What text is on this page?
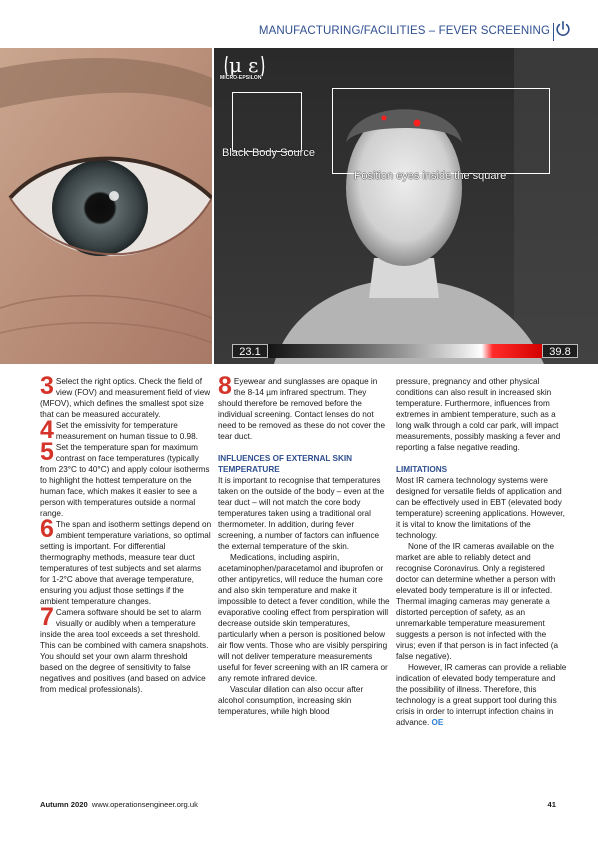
MANUFACTURING/FACILITIES – FEVER SCREENING
µ ε
MICRO-EPSILON
Black Body Source
Position eyes inside the square
23.1	39.8

3 Select the right optics. Check the field of view (FOV) and measurement field of view (MFOV), which defines the smallest spot size that can be measured accurately.

4 Set the emissivity for temperature measurement on human tissue to 0.98.

5 Set the temperature span for maximum contrast on face temperatures (typically from 23°C to 40°C) and apply colour isotherms to highlight the hottest temperature on the human face, which makes it easier to see a person with temperatures outside a normal range.

6 The span and isotherm settings depend on ambient temperature variations, so optimal setting is important. For differential thermography methods, measure tear duct temperatures of test subjects and set alarms for 1-2°C above that average temperature, ensuring you adjust those settings if the ambient temperature changes.

7 Camera software should be set to alarm visually or audibly when a temperature inside the area tool exceeds a set threshold. This can be combined with camera snapshots. You should set your own alarm threshold based on the degree of sensitivity to false negatives and positives (and based on advice from medical professionals).

8 Eyewear and sunglasses are opaque in the 8-14 µm infrared spectrum. They should therefore be removed before the individual screening. Contact lenses do not need to be removed as these do not cover the tear duct.

INFLUENCES OF EXTERNAL SKIN TEMPERATURE

It is important to recognise that temperatures taken on the outside of the body – even at the tear duct – will not match the core body temperatures taken using a traditional oral thermometer. In addition, during fever screening, a number of factors can influence the external temperature of the skin.

Medications, including aspirin, acetaminophen/paracetamol and ibuprofen or other antipyretics, will reduce the human core and also skin temperature and make it impossible to detect a fever condition, while the evaporative cooling effect from perspiration will decrease outside skin temperatures, particularly when a person is positioned below air flow vents. Those who are visibly perspiring will not deliver temperature measurements useful for fever screening with an IR camera or any remote infrared device.

Vascular dilation can also occur after alcohol consumption, increasing skin temperatures, while high blood

pressure, pregnancy and other physical conditions can also result in increased skin temperature. Furthermore, influences from extremes in ambient temperature, such as a long walk through a cold car park, will impact measurements, possibly masking a fever and reporting a false negative reading.

LIMITATIONS

Most IR camera technology systems were designed for versatile fields of application and can be effectively used in EBT (elevated body temperature) screening applications. However, it is vital to know the limitations of the technology.

None of the IR cameras available on the market are able to reliably detect and recognise Coronavirus. Only a registered doctor can determine whether a person with elevated body temperature is ill or infected. Thermal imaging cameras may generate a distorted perception of safety, as an unremarkable temperature measurement suggests a person is not infected with the virus; even if that person is in fact infected (a false negative).

However, IR cameras can provide a reliable indication of elevated body temperature and the possibility of illness. Therefore, this technology is a great support tool during this crisis in order to interrupt infection chains in advance. OE

Autumn 2020 www.operationsengineer.org.uk	41
